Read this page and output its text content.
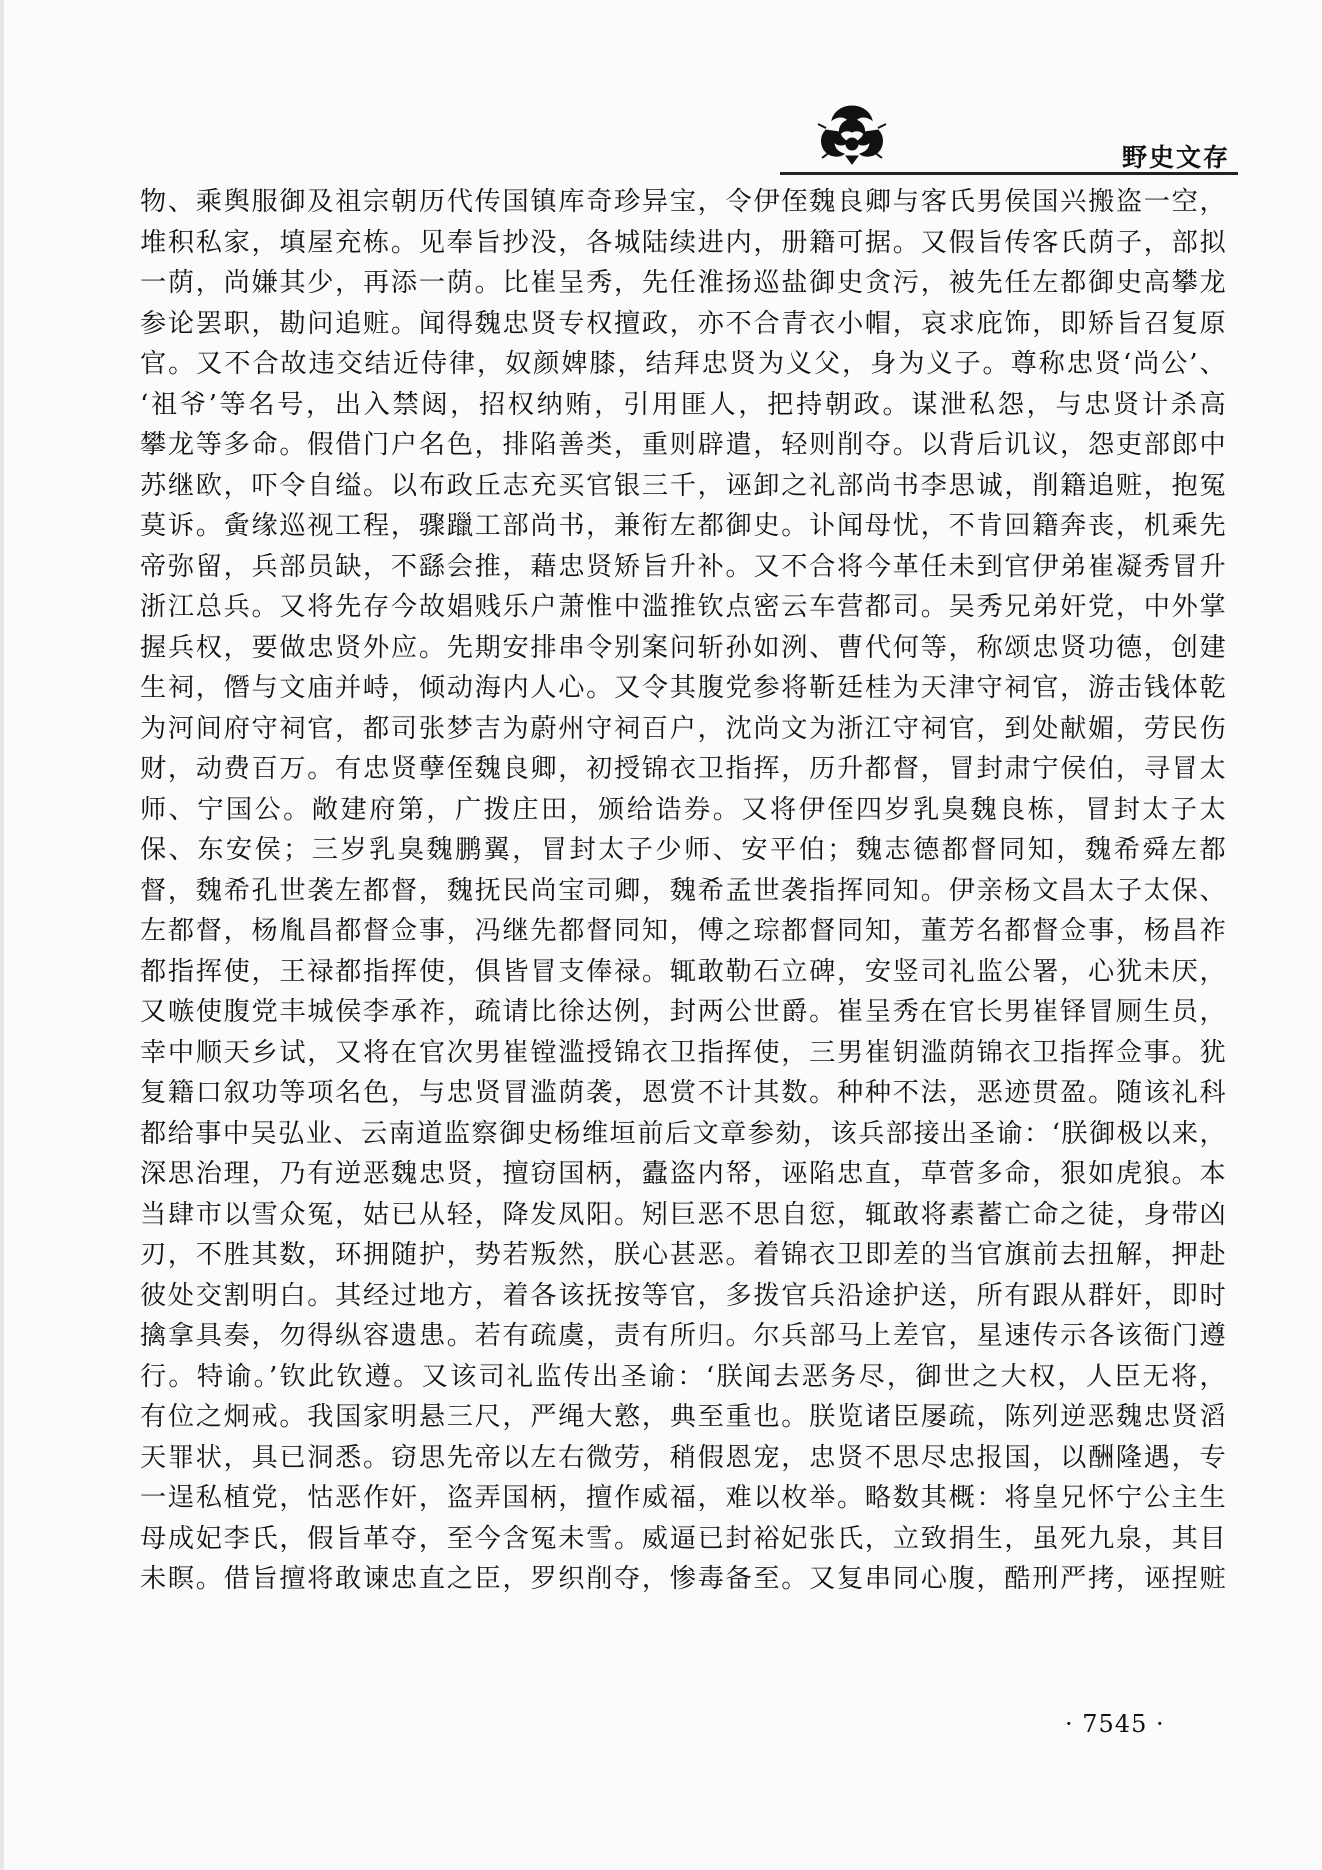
野史文存
物、乘舆服御及祖宗朝历代传国镇库奇珍异宝，令伊侄魏良卿与客氏男侯国兴搬盗一空，
堆积私家，填屋充栋。见奉旨抄没，各城陆续进内，册籍可据。又假旨传客氏荫子，部拟
一荫，尚嫌其少，再添一荫。比崔呈秀，先任淮扬巡盐御史贪污，被先任左都御史高攀龙
参论罢职，勘问追赃。闻得魏忠贤专权擅政，亦不合青衣小帽，哀求庇饰，即矫旨召复原
官。又不合故违交结近侍律，奴颜婢膝，结拜忠贤为义父，身为义子。尊称忠贤‘尚公’、
‘祖爷’等名号，出入禁闼，招权纳贿，引用匪人，把持朝政。谋泄私怨，与忠贤计杀高
攀龙等多命。假借门户名色，排陷善类，重则辟遣，轻则削夺。以背后讥议，怨吏部郎中
苏继欧，吓令自缢。以布政丘志充买官银三千，诬卸之礼部尚书李思诚，削籍追赃，抱冤
莫诉。夤缘巡视工程，骤躐工部尚书，兼衔左都御史。讣闻母忧，不肯回籍奔丧，机乘先
帝弥留，兵部员缺，不繇会推，藉忠贤矫旨升补。又不合将今革任未到官伊弟崔凝秀冒升
浙江总兵。又将先存今故娼贱乐户萧惟中滥推钦点密云车营都司。吴秀兄弟奸党，中外掌
握兵权，要做忠贤外应。先期安排串令别案问斩孙如洌、曹代何等，称颂忠贤功德，创建
生祠，僭与文庙并峙，倾动海内人心。又令其腹党参将靳廷桂为天津守祠官，游击钱体乾
为河间府守祠官，都司张梦吉为蔚州守祠百户，沈尚文为浙江守祠官，到处献媚，劳民伤
财，动费百万。有忠贤孽侄魏良卿，初授锦衣卫指挥，历升都督，冒封肃宁侯伯，寻冒太
师、宁国公。敞建府第，广拨庄田，颁给诰券。又将伊侄四岁乳臭魏良栋，冒封太子太
保、东安侯；三岁乳臭魏鹏翼，冒封太子少师、安平伯；魏志德都督同知，魏希舜左都
督，魏希孔世袭左都督，魏抚民尚宝司卿，魏希孟世袭指挥同知。伊亲杨文昌太子太保、
左都督，杨胤昌都督佥事，冯继先都督同知，傅之琮都督同知，董芳名都督佥事，杨昌祚
都指挥使，王禄都指挥使，俱皆冒支俸禄。辄敢勒石立碑，安竖司礼监公署，心犹未厌，
又嗾使腹党丰城侯李承祚，疏请比徐达例，封两公世爵。崔呈秀在官长男崔铎冒厕生员，
幸中顺天乡试，又将在官次男崔镗滥授锦衣卫指挥使，三男崔钥滥荫锦衣卫指挥佥事。犹
复籍口叙功等项名色，与忠贤冒滥荫袭，恩赏不计其数。种种不法，恶迹贯盈。随该礼科
都给事中吴弘业、云南道监察御史杨维垣前后文章参劾，该兵部接出圣谕：‘朕御极以来，
深思治理，乃有逆恶魏忠贤，擅窃国柄，蠹盗内帑，诬陷忠直，草菅多命，狠如虎狼。本
当肆市以雪众冤，姑已从轻，降发凤阳。矧巨恶不思自愆，辄敢将素蓄亡命之徒，身带凶
刃，不胜其数，环拥随护，势若叛然，朕心甚恶。着锦衣卫即差的当官旗前去扭解，押赴
彼处交割明白。其经过地方，着各该抚按等官，多拨官兵沿途护送，所有跟从群奸，即时
擒拿具奏，勿得纵容遗患。若有疏虞，责有所归。尔兵部马上差官，星速传示各该衙门遵
行。特谕。’钦此钦遵。又该司礼监传出圣谕：‘朕闻去恶务尽，御世之大权，人臣无将，
有位之炯戒。我国家明悬三尺，严绳大憝，典至重也。朕览诸臣屡疏，陈列逆恶魏忠贤滔
天罪状，具已洞悉。窃思先帝以左右微劳，稍假恩宠，忠贤不思尽忠报国，以酬隆遇，专
一逞私植党，怙恶作奸，盗弄国柄，擅作威福，难以枚举。略数其概：将皇兄怀宁公主生
母成妃李氏，假旨革夺，至今含冤未雪。威逼已封裕妃张氏，立致捐生，虽死九泉，其目
未瞑。借旨擅将敢谏忠直之臣，罗织削夺，惨毒备至。又复串同心腹，酷刑严拷，诬捏赃
· 7545 ·
